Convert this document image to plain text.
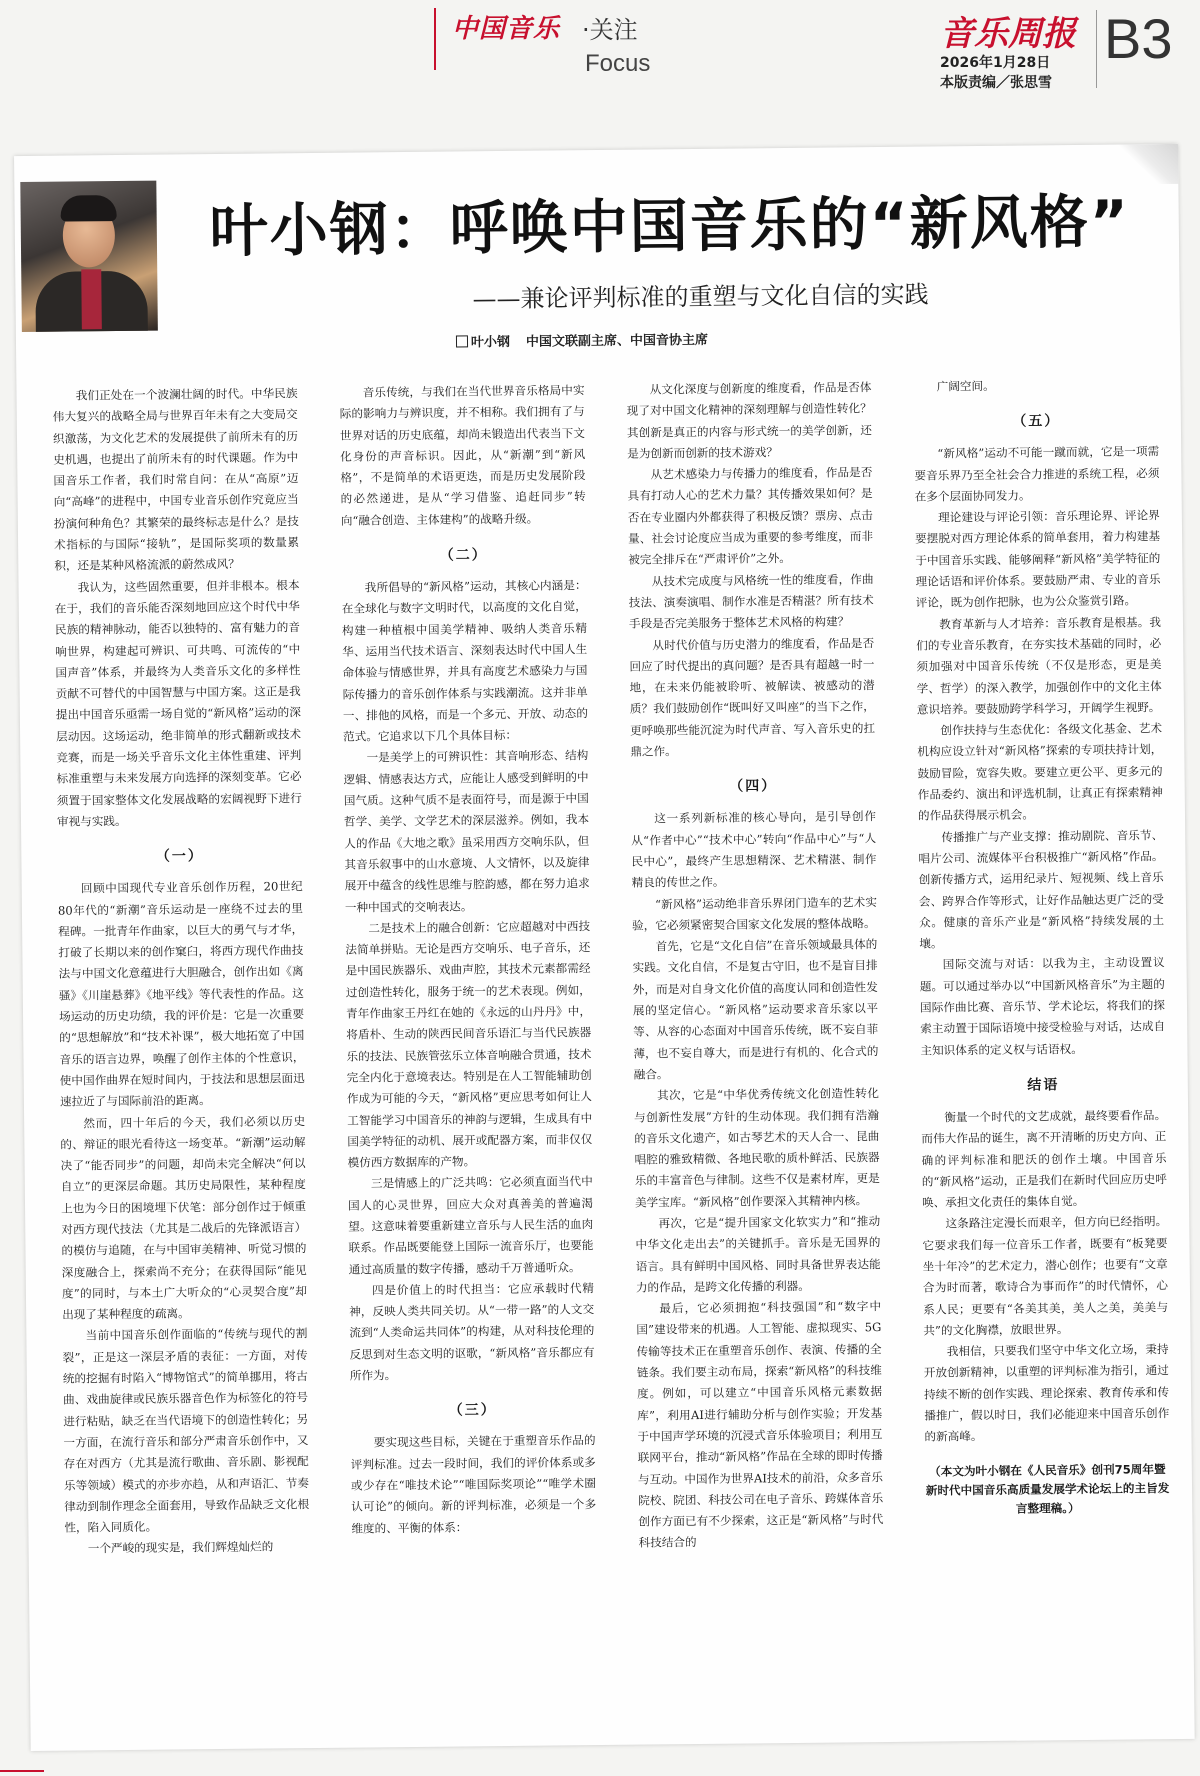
中国音乐 ·关注
Focus
音乐周报
2026年1月28日
本版责编／张思雪
B3
叶小钢：呼唤中国音乐的“新风格”
——兼论评判标准的重塑与文化自信的实践
叶小钢 中国文联副主席、中国音协主席

我们正处在一个波澜壮阔的时代。中华民族伟大复兴的战略全局与世界百年未有之大变局交织激荡，为文化艺术的发展提供了前所未有的历史机遇，也提出了前所未有的时代课题。作为中国音乐工作者，我们时常自问：在从“高原”迈向“高峰”的进程中，中国专业音乐创作究竟应当扮演何种角色？其繁荣的最终标志是什么？是技术指标的与国际“接轨”，是国际奖项的数量累积，还是某种风格流派的蔚然成风？

我认为，这些固然重要，但并非根本。根本在于，我们的音乐能否深刻地回应这个时代中华民族的精神脉动，能否以独特的、富有魅力的音响世界，构建起可辨识、可共鸣、可流传的“中国声音”体系，并最终为人类音乐文化的多样性贡献不可替代的中国智慧与中国方案。这正是我提出中国音乐亟需一场自觉的“新风格”运动的深层动因。这场运动，绝非简单的形式翻新或技术竞赛，而是一场关乎音乐文化主体性重建、评判标准重塑与未来发展方向选择的深刻变革。它必须置于国家整体文化发展战略的宏阔视野下进行审视与实践。

（一）

回顾中国现代专业音乐创作历程，20世纪80年代的“新潮”音乐运动是一座绕不过去的里程碑。一批青年作曲家，以巨大的勇气与才华，打破了长期以来的创作窠臼，将西方现代作曲技法与中国文化意蕴进行大胆融合，创作出如《离骚》《川崖悬葬》《地平线》等代表性的作品。这场运动的历史功绩，我的评价是：它是一次重要的“思想解放”和“技术补课”，极大地拓宽了中国音乐的语言边界，唤醒了创作主体的个性意识，使中国作曲界在短时间内，于技法和思想层面迅速拉近了与国际前沿的距离。

然而，四十年后的今天，我们必须以历史的、辩证的眼光看待这一场变革。“新潮”运动解决了“能否同步”的问题，却尚未完全解决“何以自立”的更深层命题。其历史局限性，某种程度上也为今日的困境埋下伏笔：部分创作过于倾重对西方现代技法（尤其是二战后的先锋派语言）的模仿与追随，在与中国审美精神、听觉习惯的深度融合上，探索尚不充分；在获得国际“能见度”的同时，与本土广大听众的“心灵契合度”却出现了某种程度的疏离。

当前中国音乐创作面临的“传统与现代的割裂”，正是这一深层矛盾的表征：一方面，对传统的挖掘有时陷入“博物馆式”的简单挪用，将古曲、戏曲旋律或民族乐器音色作为标签化的符号进行粘贴，缺乏在当代语境下的创造性转化；另一方面，在流行音乐和部分严肃音乐创作中，又存在对西方（尤其是流行歌曲、音乐剧、影视配乐等领域）模式的亦步亦趋，从和声语汇、节奏律动到制作理念全面套用，导致作品缺乏文化根性，陷入同质化。

一个严峻的现实是，我们辉煌灿烂的

音乐传统，与我们在当代世界音乐格局中实际的影响力与辨识度，并不相称。我们拥有了与世界对话的历史底蕴，却尚未锻造出代表当下文化身份的声音标识。因此，从“新潮”到“新风格”，不是简单的术语更迭，而是历史发展阶段的必然递进，是从“学习借鉴、追赶同步”转向“融合创造、主体建构”的战略升级。

（二）

我所倡导的“新风格”运动，其核心内涵是：在全球化与数字文明时代，以高度的文化自觉，构建一种植根中国美学精神、吸纳人类音乐精华、运用当代技术语言、深刻表达时代中国人生命体验与情感世界，并具有高度艺术感染力与国际传播力的音乐创作体系与实践潮流。这并非单一、排他的风格，而是一个多元、开放、动态的范式。它追求以下几个具体目标：

一是美学上的可辨识性：其音响形态、结构逻辑、情感表达方式，应能让人感受到鲜明的中国气质。这种气质不是表面符号，而是源于中国哲学、美学、文学艺术的深层滋养。例如，我本人的作品《大地之歌》虽采用西方交响乐队，但其音乐叙事中的山水意境、人文情怀，以及旋律展开中蕴含的线性思维与腔韵感，都在努力追求一种中国式的交响表达。

二是技术上的融合创新：它应超越对中西技法简单拼贴。无论是西方交响乐、电子音乐，还是中国民族器乐、戏曲声腔，其技术元素都需经过创造性转化，服务于统一的艺术表现。例如，青年作曲家王丹红在她的《永远的山丹丹》中，将盾朴、生动的陕西民间音乐语汇与当代民族器乐的技法、民族管弦乐立体音响融合贯通，技术完全内化于意境表达。特别是在人工智能辅助创作成为可能的今天，“新风格”更应思考如何让人工智能学习中国音乐的神韵与逻辑，生成具有中国美学特征的动机、展开或配器方案，而非仅仅模仿西方数据库的产物。

三是情感上的广泛共鸣：它必须直面当代中国人的心灵世界，回应大众对真善美的普遍渴望。这意味着要重新建立音乐与人民生活的血肉联系。作品既要能登上国际一流音乐厅，也要能通过高质量的数字传播，感动千万普通听众。

四是价值上的时代担当：它应承载时代精神，反映人类共同关切。从“一带一路”的人文交流到“人类命运共同体”的构建，从对科技伦理的反思到对生态文明的讴歌，“新风格”音乐都应有所作为。

（三）

要实现这些目标，关键在于重塑音乐作品的评判标准。过去一段时间，我们的评价体系或多或少存在“唯技术论”“唯国际奖项论”“唯学术圈认可论”的倾向。新的评判标准，必须是一个多维度的、平衡的体系：

从文化深度与创新度的维度看，作品是否体现了对中国文化精神的深刻理解与创造性转化？其创新是真正的内容与形式统一的美学创新，还是为创新而创新的技术游戏？

从艺术感染力与传播力的维度看，作品是否具有打动人心的艺术力量？其传播效果如何？是否在专业圈内外都获得了积极反馈？票房、点击量、社会讨论度应当成为重要的参考维度，而非被完全排斥在“严肃评价”之外。

从技术完成度与风格统一性的维度看，作曲技法、演奏演唱、制作水准是否精湛？所有技术手段是否完美服务于整体艺术风格的构建？

从时代价值与历史潜力的维度看，作品是否回应了时代提出的真问题？是否具有超越一时一地，在未来仍能被聆听、被解读、被感动的潜质？我们鼓励创作“既叫好又叫座”的当下之作，更呼唤那些能沉淀为时代声音、写入音乐史的扛鼎之作。

（四）

这一系列新标准的核心导向，是引导创作从“作者中心”“技术中心”转向“作品中心”与“人民中心”，最终产生思想精深、艺术精湛、制作精良的传世之作。

“新风格”运动绝非音乐界闭门造车的艺术实验，它必须紧密契合国家文化发展的整体战略。

首先，它是“文化自信”在音乐领域最具体的实践。文化自信，不是复古守旧，也不是盲目排外，而是对自身文化价值的高度认同和创造性发展的坚定信心。“新风格”运动要求音乐家以平等、从容的心态面对中国音乐传统，既不妄自菲薄，也不妄自尊大，而是进行有机的、化合式的融合。

其次，它是“中华优秀传统文化创造性转化与创新性发展”方针的生动体现。我们拥有浩瀚的音乐文化遗产，如古琴艺术的天人合一、昆曲唱腔的雅致精微、各地民歌的质朴鲜活、民族器乐的丰富音色与律制。这些不仅是素材库，更是美学宝库。“新风格”创作要深入其精神内核。

再次，它是“提升国家文化软实力”和“推动中华文化走出去”的关键抓手。音乐是无国界的语言。具有鲜明中国风格、同时具备世界表达能力的作品，是跨文化传播的利器。

最后，它必须拥抱“科技强国”和“数字中国”建设带来的机遇。人工智能、虚拟现实、5G传输等技术正在重塑音乐创作、表演、传播的全链条。我们要主动布局，探索“新风格”的科技维度。例如，可以建立“中国音乐风格元素数据库”，利用AI进行辅助分析与创作实验；开发基于中国声学环境的沉浸式音乐体验项目；利用互联网平台，推动“新风格”作品在全球的即时传播与互动。中国作为世界AI技术的前沿，众多音乐院校、院团、科技公司在电子音乐、跨媒体音乐创作方面已有不少探索，这正是“新风格”与时代科技结合的

广阔空间。

（五）

“新风格”运动不可能一蹴而就，它是一项需要音乐界乃至全社会合力推进的系统工程，必须在多个层面协同发力。

理论建设与评论引领：音乐理论界、评论界要摆脱对西方理论体系的简单套用，着力构建基于中国音乐实践、能够阐释“新风格”美学特征的理论话语和评价体系。要鼓励严肃、专业的音乐评论，既为创作把脉，也为公众鉴赏引路。

教育革新与人才培养：音乐教育是根基。我们的专业音乐教育，在夯实技术基础的同时，必须加强对中国音乐传统（不仅是形态，更是美学、哲学）的深入教学，加强创作中的文化主体意识培养。要鼓励跨学科学习，开阔学生视野。

创作扶持与生态优化：各级文化基金、艺术机构应设立针对“新风格”探索的专项扶持计划，鼓励冒险，宽容失败。要建立更公平、更多元的作品委约、演出和评选机制，让真正有探索精神的作品获得展示机会。

传播推广与产业支撑：推动剧院、音乐节、唱片公司、流媒体平台积极推广“新风格”作品。创新传播方式，运用纪录片、短视频、线上音乐会、跨界合作等形式，让好作品触达更广泛的受众。健康的音乐产业是“新风格”持续发展的土壤。

国际交流与对话：以我为主，主动设置议题。可以通过举办以“中国新风格音乐”为主题的国际作曲比赛、音乐节、学术论坛，将我们的探索主动置于国际语境中接受检验与对话，达成自主知识体系的定义权与话语权。

结语

衡量一个时代的文艺成就，最终要看作品。而伟大作品的诞生，离不开清晰的历史方向、正确的评判标准和肥沃的创作土壤。中国音乐的“新风格”运动，正是我们在新时代回应历史呼唤、承担文化责任的集体自觉。

这条路注定漫长而艰辛，但方向已经指明。它要求我们每一位音乐工作者，既要有“板凳要坐十年冷”的艺术定力，潜心创作；也要有“文章合为时而著，歌诗合为事而作”的时代情怀，心系人民；更要有“各美其美，美人之美，美美与共”的文化胸襟，放眼世界。

我相信，只要我们坚守中华文化立场，秉持开放创新精神，以重塑的评判标准为指引，通过持续不断的创作实践、理论探索、教育传承和传播推广，假以时日，我们必能迎来中国音乐创作的新高峰。

（本文为叶小钢在《人民音乐》创刊75周年暨新时代中国音乐高质量发展学术论坛上的主旨发言整理稿。）
